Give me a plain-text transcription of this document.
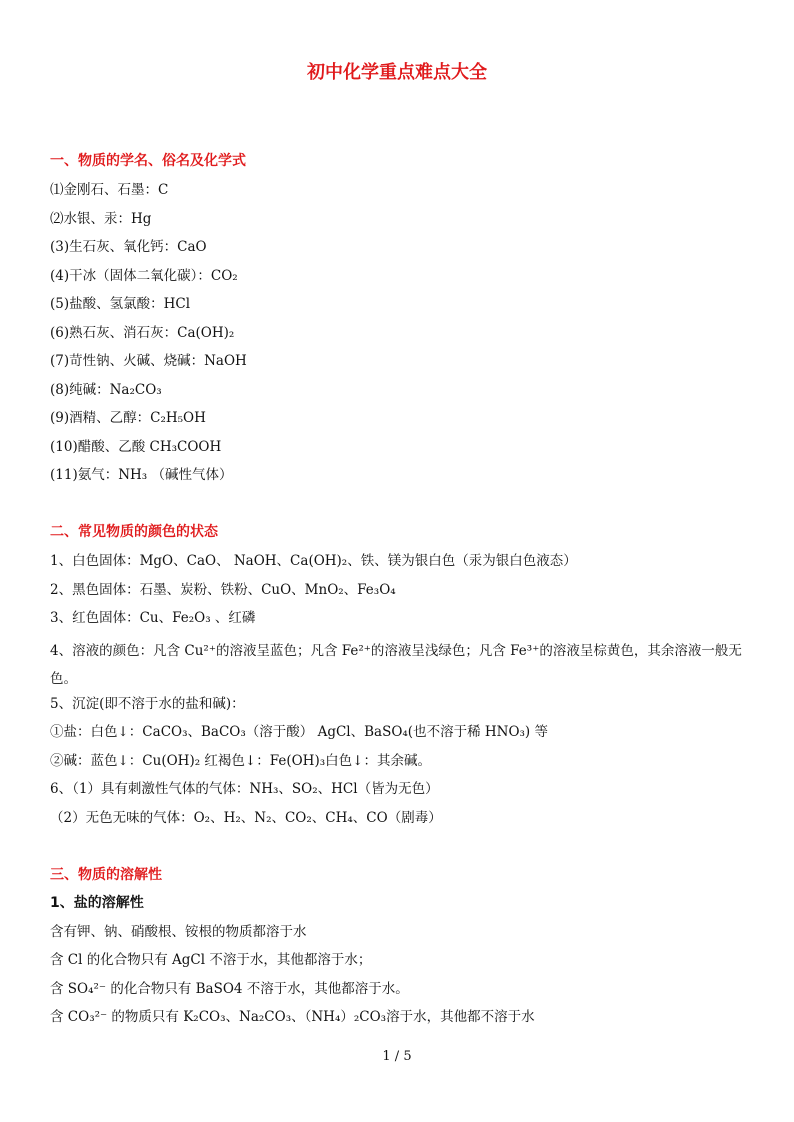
初中化学重点难点大全
一、物质的学名、俗名及化学式
⑴金刚石、石墨：C
⑵水银、汞：Hg
(3)生石灰、氧化钙：CaO
(4)干冰（固体二氧化碳）：CO₂
(5)盐酸、氢氯酸：HCl
(6)熟石灰、消石灰：Ca(OH)₂
(7)苛性钠、火碱、烧碱：NaOH
(8)纯碱：Na₂CO₃
(9)酒精、乙醇：C₂H₅OH
(10)醋酸、乙酸 CH₃COOH
(11)氨气：NH₃ （碱性气体）
二、常见物质的颜色的状态
1、白色固体：MgO、CaO、 NaOH、Ca(OH)₂、铁、镁为银白色（汞为银白色液态）
2、黑色固体：石墨、炭粉、铁粉、CuO、MnO₂、Fe₃O₄
3、红色固体：Cu、Fe₂O₃ 、红磷
4、溶液的颜色：凡含 Cu²⁺的溶液呈蓝色；凡含 Fe²⁺的溶液呈浅绿色；凡含 Fe³⁺的溶液呈棕黄色，其余溶液一般无色。
5、沉淀(即不溶于水的盐和碱)：
①盐：白色↓：CaCO₃、BaCO₃（溶于酸） AgCl、BaSO₄(也不溶于稀 HNO₃) 等
②碱：蓝色↓：Cu(OH)₂ 红褐色↓：Fe(OH)₃白色↓：其余碱。
6、（1）具有刺激性气体的气体：NH₃、SO₂、HCl（皆为无色）
（2）无色无味的气体：O₂、H₂、N₂、CO₂、CH₄、CO（剧毒）
三、物质的溶解性
1、盐的溶解性
含有钾、钠、硝酸根、铵根的物质都溶于水
含 Cl 的化合物只有 AgCl 不溶于水，其他都溶于水；
含 SO₄²⁻ 的化合物只有 BaSO4 不溶于水，其他都溶于水。
含 CO₃²⁻ 的物质只有 K₂CO₃、Na₂CO₃、（NH₄）₂CO₃溶于水，其他都不溶于水
1 / 5
